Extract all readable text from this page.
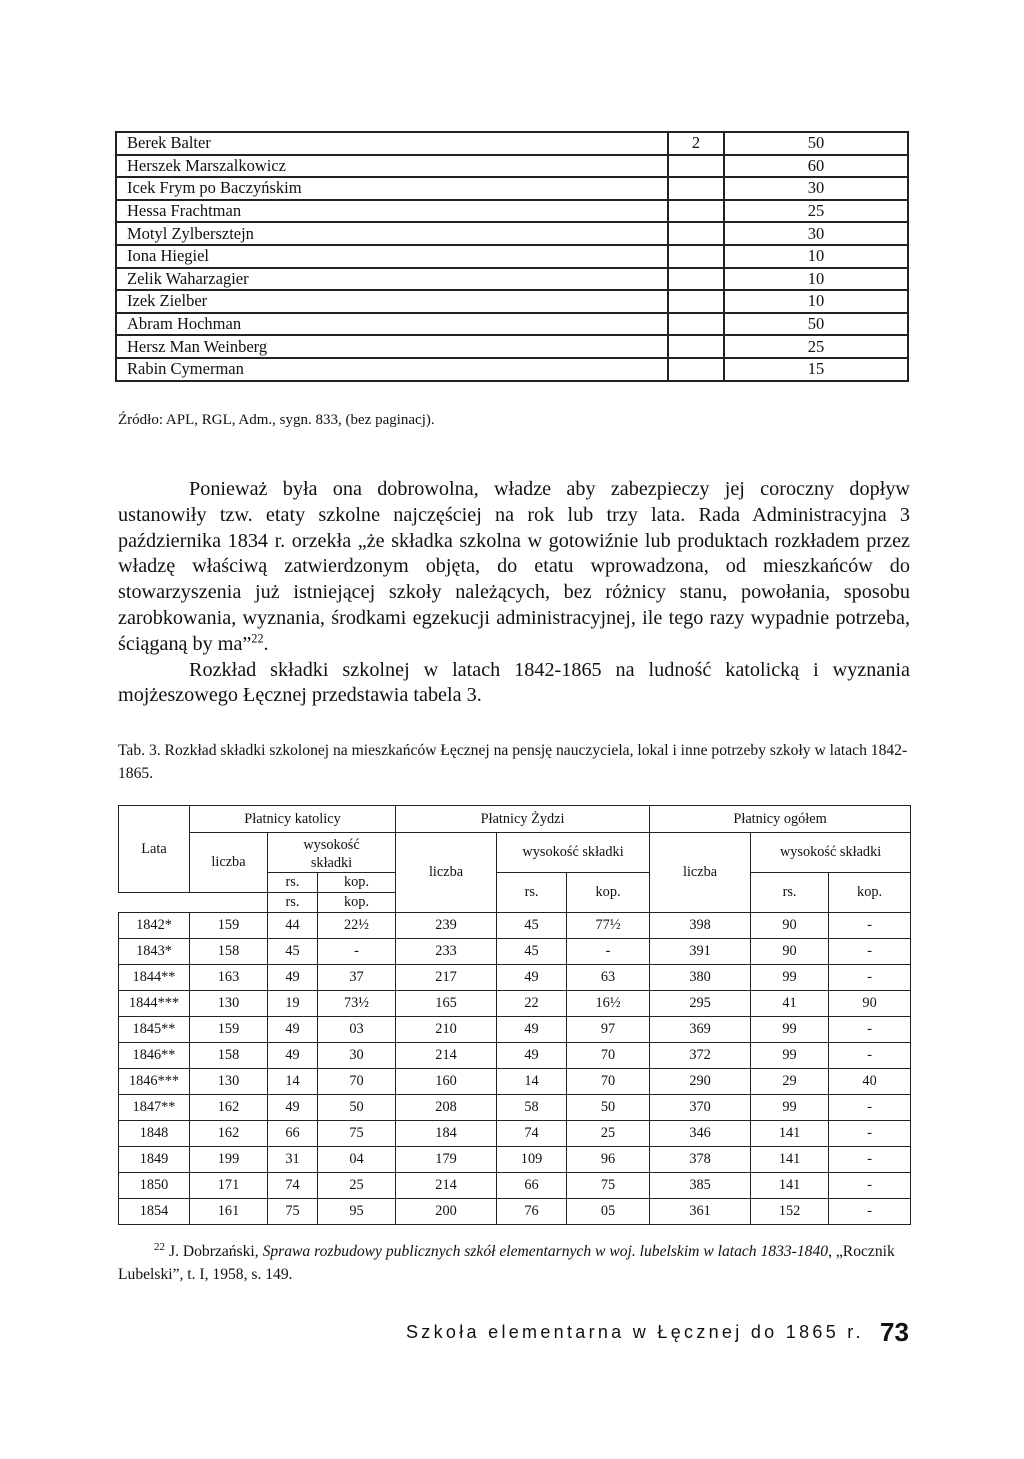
Berek Balter	2	50
Herszek Marszalkowicz		60
Icek Frym po Baczyńskim		30
Hessa Frachtman		25
Motyl Zylbersztejn		30
Iona Hiegiel		10
Zelik Waharzagier		10
Izek Zielber		10
Abram Hochman		50
Hersz Man Weinberg		25
Rabin Cymerman		15
Źródło: APL, RGL, Adm., sygn. 833, (bez paginacj).

Ponieważ była ona dobrowolna, władze aby zabezpieczy jej coroczny dopływ ustanowiły tzw. etaty szkolne najczęściej na rok lub trzy lata. Rada Administracyjna 3 października 1834 r. orzekła „że składka szkolna w gotowiźnie lub produktach rozkładem przez władzę właściwą zatwierdzonym objęta, do etatu wprowadzona, od mieszkańców do stowarzyszenia już istniejącej szkoły należących, bez różnicy stanu, powołania, sposobu zarobkowania, wyznania, środkami egzekucji administracyjnej, ile tego razy wypadnie potrzeba, ściąganą by ma”$^{22}$.

Rozkład składki szkolnej w latach 1842-1865 na ludność katolicką i wyznania mojżeszowego Łęcznej przedstawia tabela 3.

Tab. 3. Rozkład składki szkolonej na mieszkańców Łęcznej na pensję nauczyciela, lokal i inne potrzeby szkoły w latach 1842-1865.
Lata	Płatnicy katolicy			Płatnicy Żydzi			Płatnicy ogółem		
	liczba	wysokość składki		liczba	wysokość składki		liczba	wysokość składki	
		rs.	kop.		rs.	kop.		rs.	kop.
		rs.	kop.						
1842*	159	44	22½	239	45	77½	398	90	-
1843*	158	45	-	233	45	-	391	90	-
1844**	163	49	37	217	49	63	380	99	-
1844***	130	19	73½	165	22	16½	295	41	90
1845**	159	49	03	210	49	97	369	99	-
1846**	158	49	30	214	49	70	372	99	-
1846***	130	14	70	160	14	70	290	29	40
1847**	162	49	50	208	58	50	370	99	-
1848	162	66	75	184	74	25	346	141	-
1849	199	31	04	179	109	96	378	141	-
1850	171	74	25	214	66	75	385	141	-
1854	161	75	95	200	76	05	361	152	-
$^{22}$ J. Dobrzański, Sprawa rozbudowy publicznych szkół elementarnych w woj. lubelskim w latach 1833-1840, „Rocznik Lubelski”, t. I, 1958, s. 149.
Szkoła elementarna w Łęcznej do 1865 r. 73
